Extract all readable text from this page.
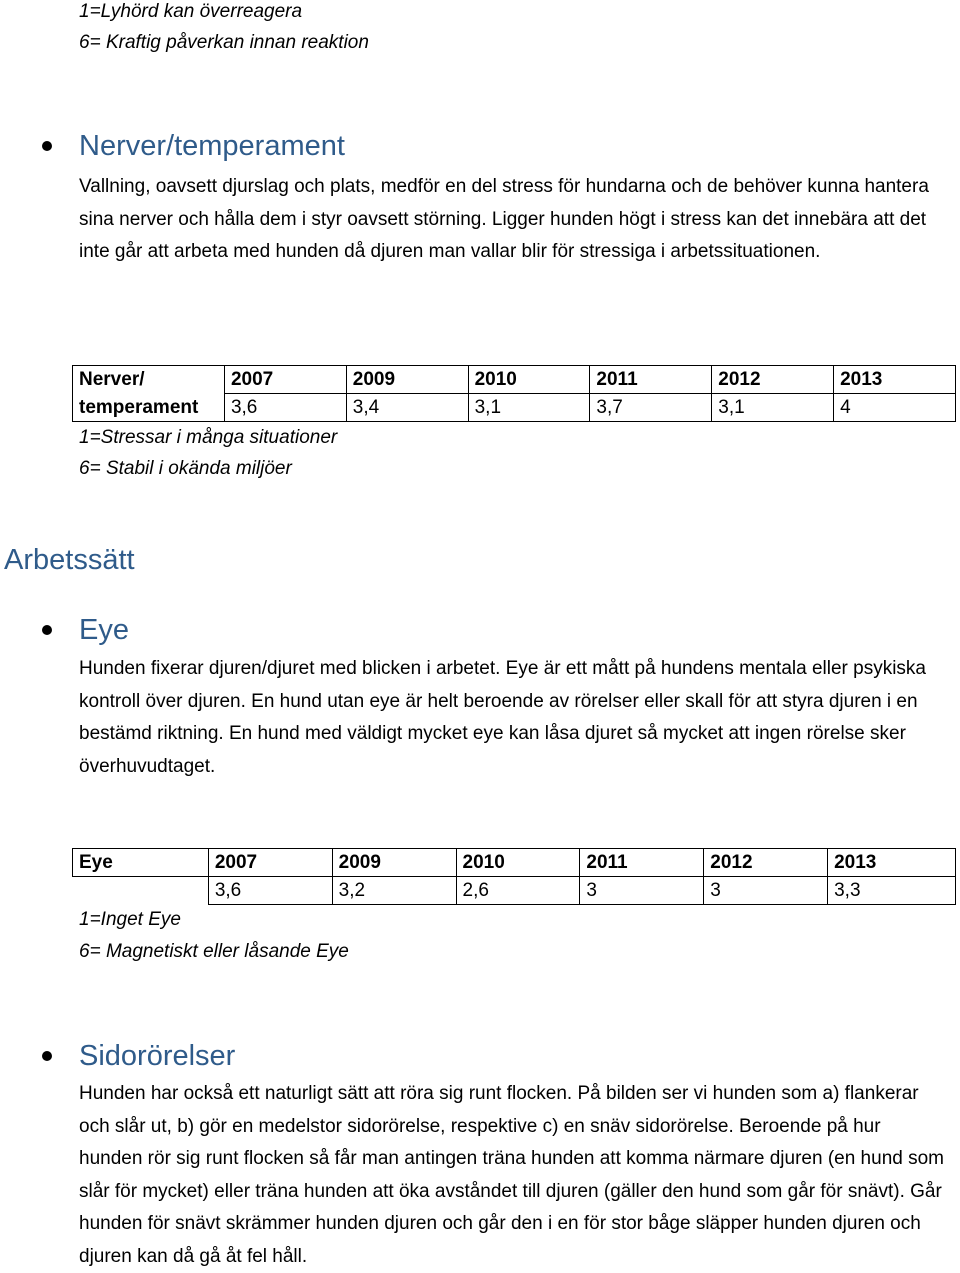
1=Lyhörd kan överreagera
6= Kraftig påverkan innan reaktion
Nerver/temperament
Vallning, oavsett djurslag och plats, medför en del stress för hundarna och de behöver kunna hantera sina nerver och hålla dem i styr oavsett störning. Ligger hunden högt i stress kan det innebära att det inte går att arbeta med hunden då djuren man vallar blir för stressiga i arbetssituationen.
Nerver/	2007	2009	2010	2011	2012	2013
temperament	3,6	3,4	3,1	3,7	3,1	4
1=Stressar i många situationer
6= Stabil i okända miljöer
Arbetssätt
Eye
Hunden fixerar djuren/djuret med blicken i arbetet. Eye är ett mått på hundens mentala eller psykiska kontroll över djuren. En hund utan eye är helt beroende av rörelser eller skall för att styra djuren i en bestämd riktning. En hund med väldigt mycket eye kan låsa djuret så mycket att ingen rörelse sker överhuvudtaget.
Eye	2007	2009	2010	2011	2012	2013
	3,6	3,2	2,6	3	3	3,3
1=Inget Eye
6= Magnetiskt eller låsande Eye
Sidorörelser
Hunden har också ett naturligt sätt att röra sig runt flocken. På bilden ser vi hunden som a) flankerar och slår ut, b) gör en medelstor sidorörelse, respektive c) en snäv sidorörelse. Beroende på hur hunden rör sig runt flocken så får man antingen träna hunden att komma närmare djuren (en hund som slår för mycket) eller träna hunden att öka avståndet till djuren (gäller den hund som går för snävt). Går hunden för snävt skrämmer hunden djuren och går den i en för stor båge släpper hunden djuren och djuren kan då gå åt fel håll.
